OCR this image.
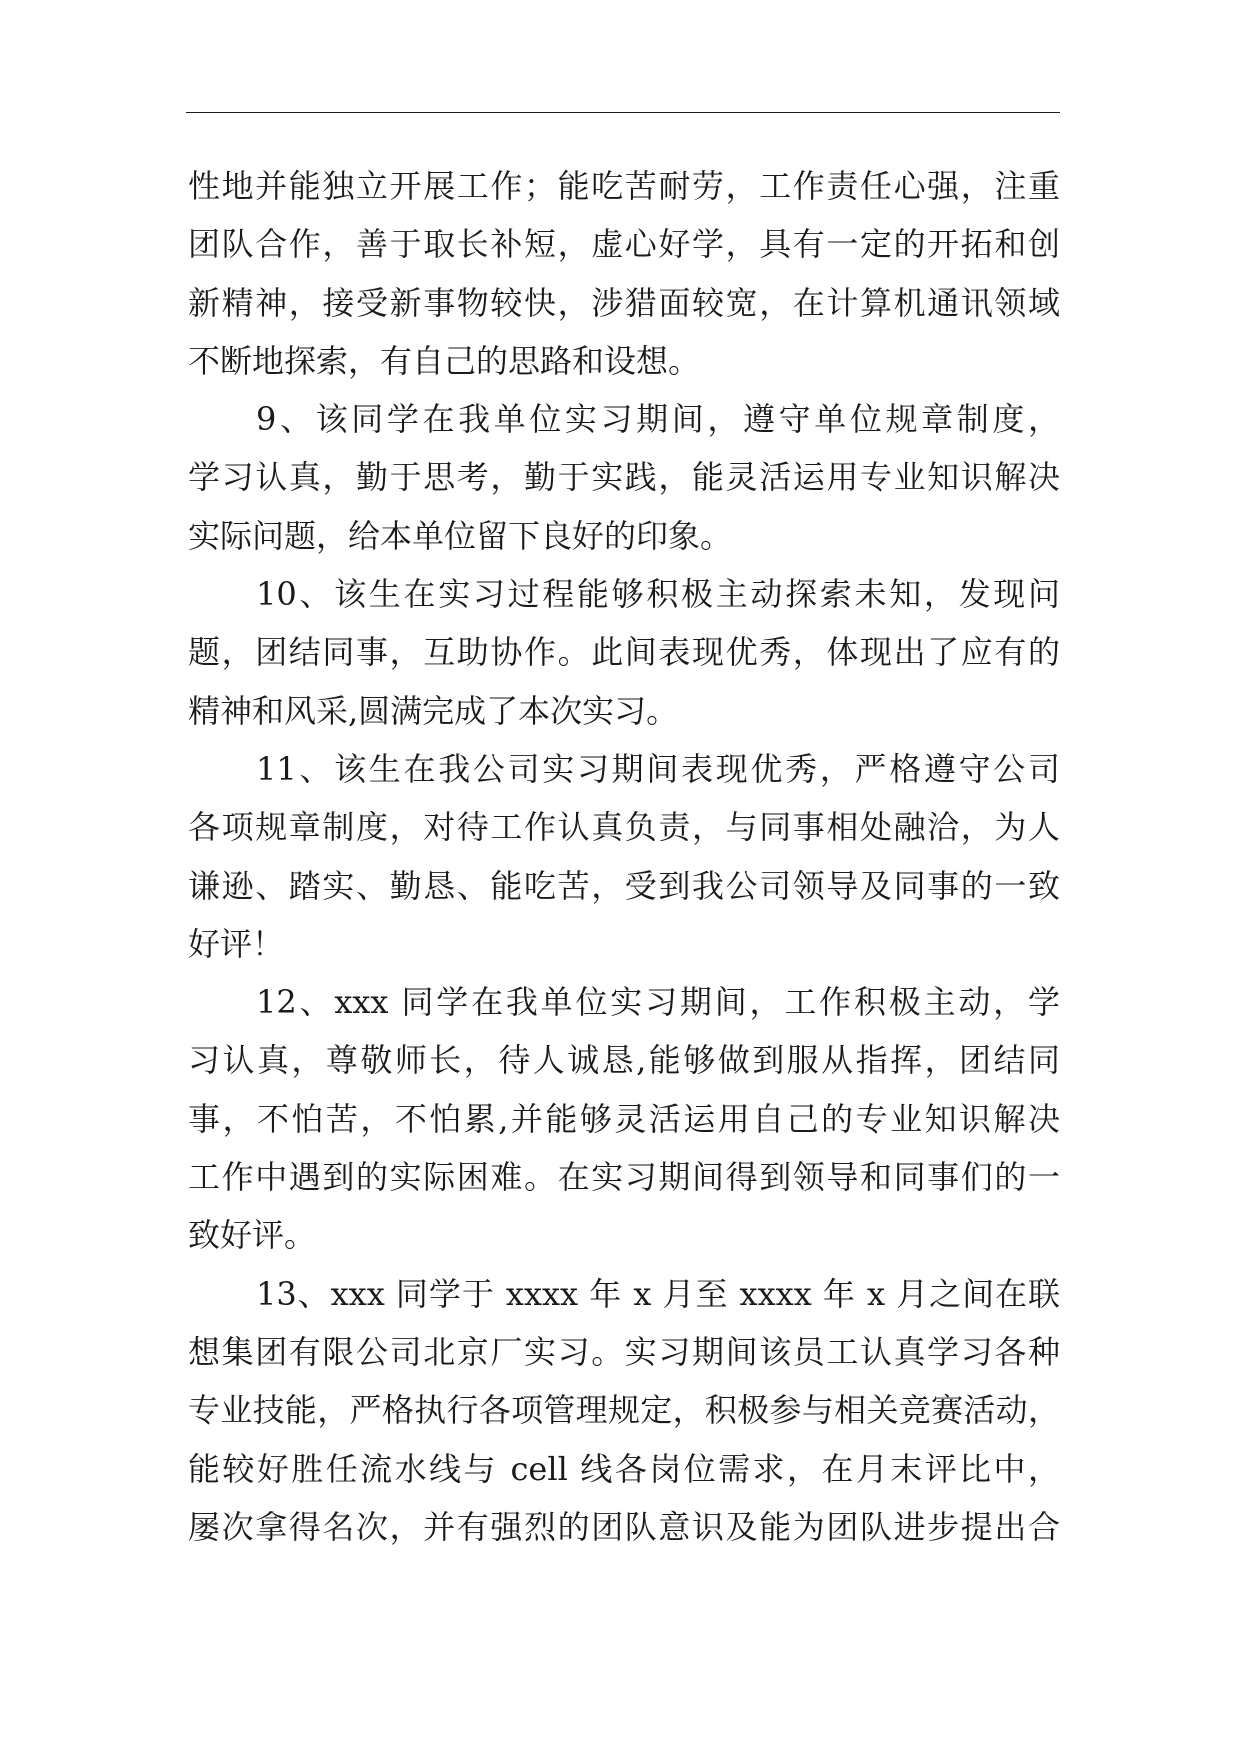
性地并能独立开展工作；能吃苦耐劳，工作责任心强，注重
团队合作，善于取长补短，虚心好学，具有一定的开拓和创
新精神，接受新事物较快，涉猎面较宽，在计算机通讯领域
不断地探索，有自己的思路和设想。
9、该同学在我单位实习期间，遵守单位规章制度，
学习认真，勤于思考，勤于实践，能灵活运用专业知识解决
实际问题，给本单位留下良好的印象。
10、该生在实习过程能够积极主动探索未知，发现问
题，团结同事，互助协作。此间表现优秀，体现出了应有的
精神和风采,圆满完成了本次实习。
11、该生在我公司实习期间表现优秀，严格遵守公司
各项规章制度，对待工作认真负责，与同事相处融洽，为人
谦逊、踏实、勤恳、能吃苦，受到我公司领导及同事的一致
好评！
12、xxx 同学在我单位实习期间，工作积极主动，学
习认真，尊敬师长，待人诚恳,能够做到服从指挥，团结同
事，不怕苦，不怕累,并能够灵活运用自己的专业知识解决
工作中遇到的实际困难。在实习期间得到领导和同事们的一
致好评。
13、xxx 同学于 xxxx 年 x 月至 xxxx 年 x 月之间在联
想集团有限公司北京厂实习。实习期间该员工认真学习各种
专业技能，严格执行各项管理规定，积极参与相关竞赛活动，
能较好胜任流水线与 cell 线各岗位需求，在月末评比中，
屡次拿得名次，并有强烈的团队意识及能为团队进步提出合
